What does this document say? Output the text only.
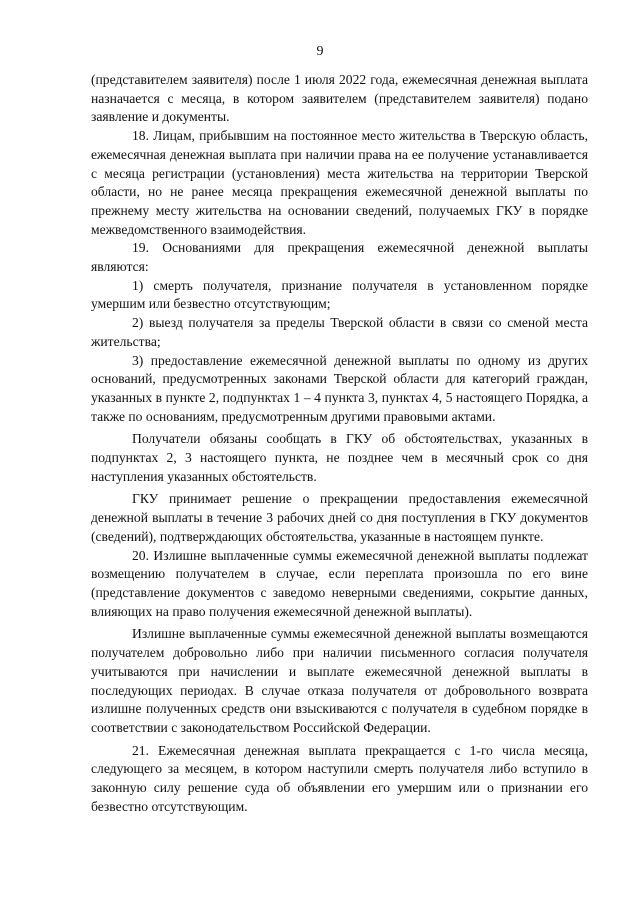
9

(представителем заявителя) после 1 июля 2022 года, ежемесячная денежная выплата назначается с месяца, в котором заявителем (представителем заявителя) подано заявление и документы.

18. Лицам, прибывшим на постоянное место жительства в Тверскую область, ежемесячная денежная выплата при наличии права на ее получение устанавливается с месяца регистрации (установления) места жительства на территории Тверской области, но не ранее месяца прекращения ежемесячной денежной выплаты по прежнему месту жительства на основании сведений, получаемых ГКУ в порядке межведомственного взаимодействия.

19. Основаниями для прекращения ежемесячной денежной выплаты являются:

1) смерть получателя, признание получателя в установленном порядке умершим или безвестно отсутствующим;

2) выезд получателя за пределы Тверской области в связи со сменой места жительства;

3) предоставление ежемесячной денежной выплаты по одному из других оснований, предусмотренных законами Тверской области для категорий граждан, указанных в пункте 2, подпунктах 1 – 4 пункта 3, пунктах 4, 5 настоящего Порядка, а также по основаниям, предусмотренным другими правовыми актами.

Получатели обязаны сообщать в ГКУ об обстоятельствах, указанных в подпунктах 2, 3 настоящего пункта, не позднее чем в месячный срок со дня наступления указанных обстоятельств.

ГКУ принимает решение о прекращении предоставления ежемесячной денежной выплаты в течение 3 рабочих дней со дня поступления в ГКУ документов (сведений), подтверждающих обстоятельства, указанные в настоящем пункте.

20. Излишне выплаченные суммы ежемесячной денежной выплаты подлежат возмещению получателем в случае, если переплата произошла по его вине (представление документов с заведомо неверными сведениями, сокрытие данных, влияющих на право получения ежемесячной денежной выплаты).

Излишне выплаченные суммы ежемесячной денежной выплаты возмещаются получателем добровольно либо при наличии письменного согласия получателя учитываются при начислении и выплате ежемесячной денежной выплаты в последующих периодах. В случае отказа получателя от добровольного возврата излишне полученных средств они взыскиваются с получателя в судебном порядке в соответствии с законодательством Российской Федерации.

21. Ежемесячная денежная выплата прекращается с 1-го числа месяца, следующего за месяцем, в котором наступили смерть получателя либо вступило в законную силу решение суда об объявлении его умершим или о признании его безвестно отсутствующим.
